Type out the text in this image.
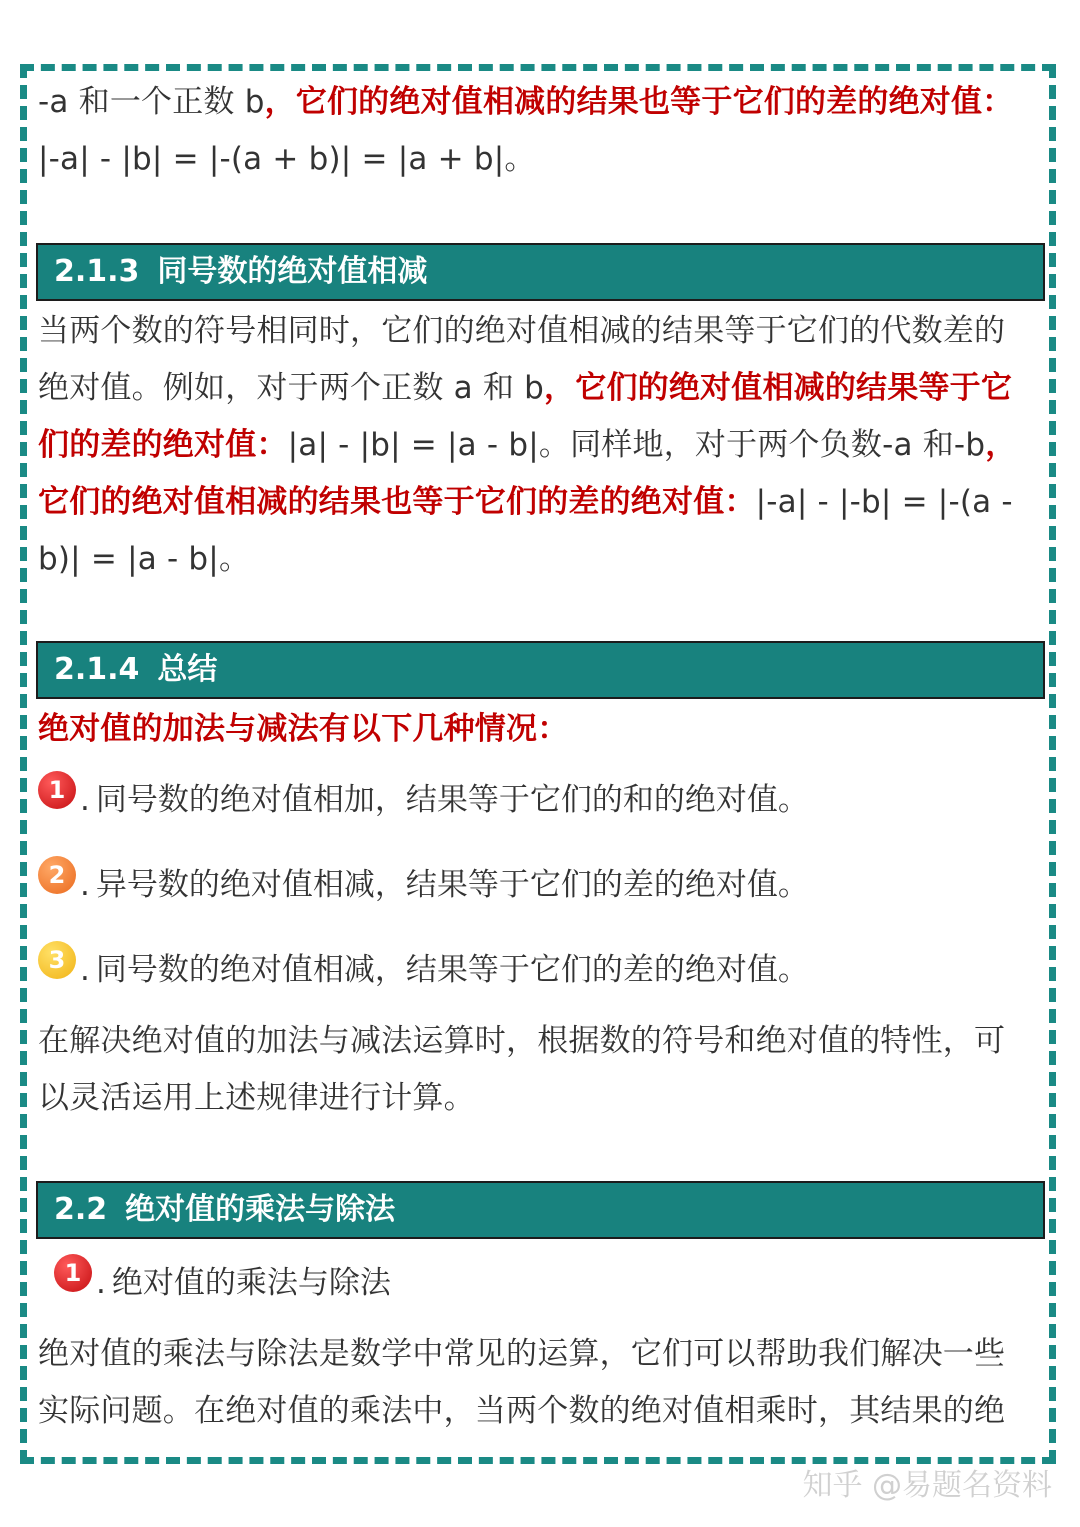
-a 和一个正数 b，它们的绝对值相减的结果也等于它们的差的绝对值：
|-a| - |b| = |-(a + b)| = |a + b|。
2.1.3 同号数的绝对值相减
当两个数的符号相同时，它们的绝对值相减的结果等于它们的代数差的
绝对值。例如，对于两个正数 a 和 b，它们的绝对值相减的结果等于它
们的差的绝对值：|a| - |b| = |a - b|。同样地，对于两个负数-a 和-b，
它们的绝对值相减的结果也等于它们的差的绝对值：|-a| - |-b| = |-(a -
b)| = |a - b|。
2.1.4 总结
绝对值的加法与减法有以下几种情况：
1 . 同号数的绝对值相加，结果等于它们的和的绝对值。
2 . 异号数的绝对值相减，结果等于它们的差的绝对值。
3 . 同号数的绝对值相减，结果等于它们的差的绝对值。
在解决绝对值的加法与减法运算时，根据数的符号和绝对值的特性，可
以灵活运用上述规律进行计算。
2.2 绝对值的乘法与除法
1 . 绝对值的乘法与除法
绝对值的乘法与除法是数学中常见的运算，它们可以帮助我们解决一些
实际问题。在绝对值的乘法中，当两个数的绝对值相乘时，其结果的绝
知乎 @易题名资料
